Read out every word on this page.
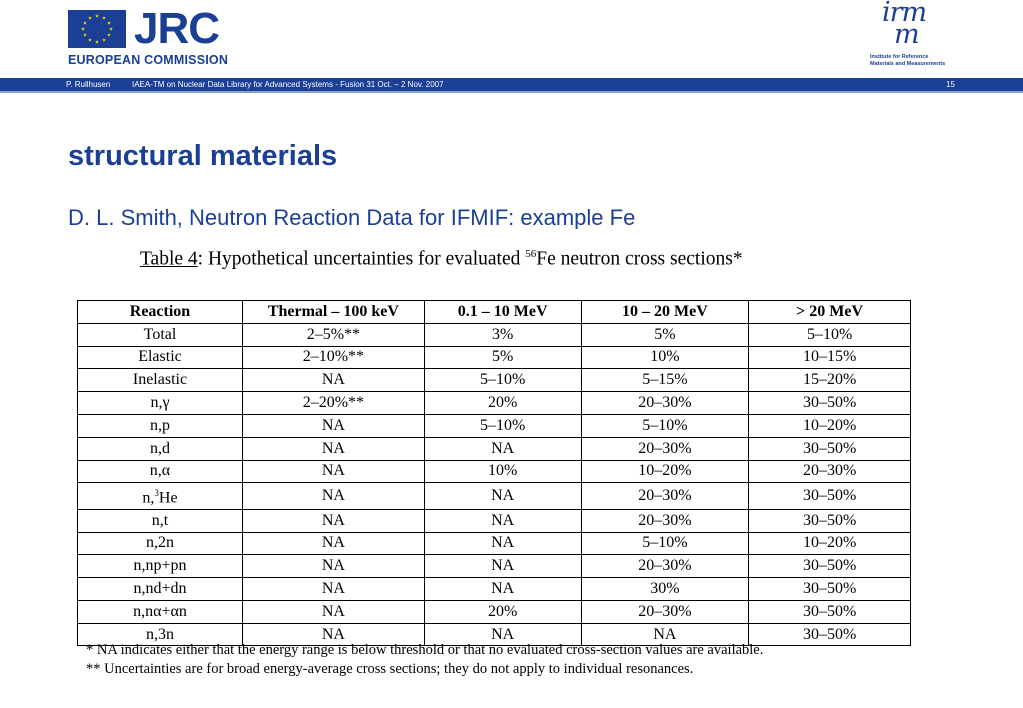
JRC
EUROPEAN COMMISSION
irm
m
Institute for Reference
Materials and Measurements
P. Rullhusen	IAEA-TM on Nuclear Data Library for Advanced Systems - Fusion 31 Oct. – 2 Nov. 2007	15
structural materials
D. L. Smith, Neutron Reaction Data for IFMIF: example Fe
Table 4: Hypothetical uncertainties for evaluated $^{56}$Fe neutron cross sections*
Reaction	Thermal – 100 keV	0.1 – 10 MeV	10 – 20 MeV	> 20 MeV
Total	2–5%**	3%	5%	5–10%
Elastic	2–10%**	5%	10%	10–15%
Inelastic	NA	5–10%	5–15%	15–20%
n,γ	2–20%**	20%	20–30%	30–50%
n,p	NA	5–10%	5–10%	10–20%
n,d	NA	NA	20–30%	30–50%
n,α	NA	10%	10–20%	20–30%
n,$^3$He	NA	NA	20–30%	30–50%
n,t	NA	NA	20–30%	30–50%
n,2n	NA	NA	5–10%	10–20%
n,np+pn	NA	NA	20–30%	30–50%
n,nd+dn	NA	NA	30%	30–50%
n,nα+αn	NA	20%	20–30%	30–50%
n,3n	NA	NA	NA	30–50%
* NA indicates either that the energy range is below threshold or that no evaluated cross-section values are available.
** Uncertainties are for broad energy-average cross sections; they do not apply to individual resonances.
